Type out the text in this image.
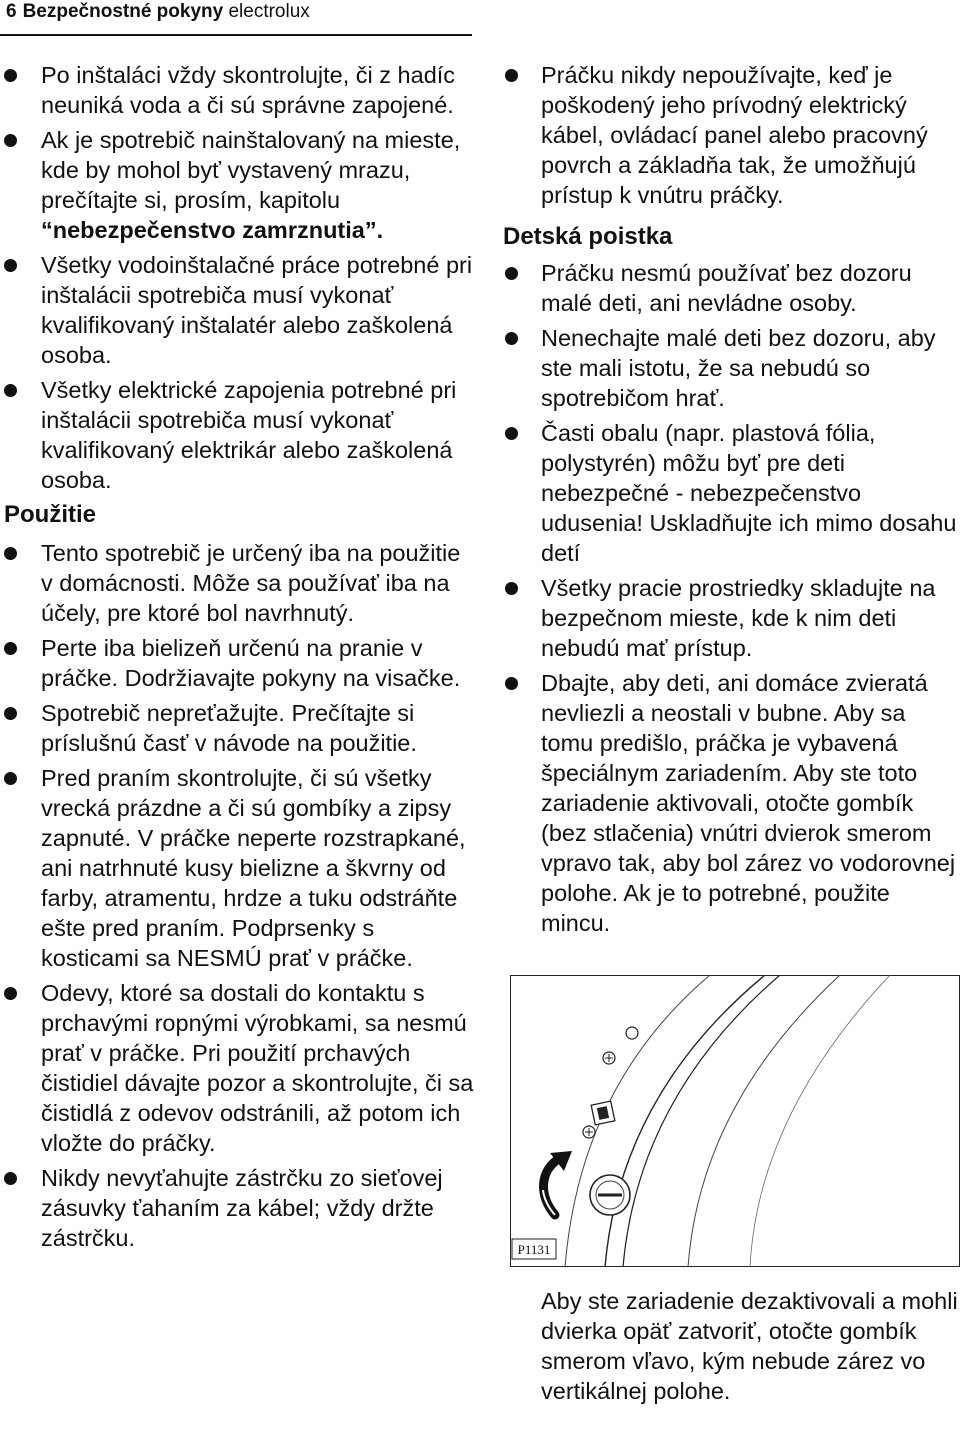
6 Bezpečnostné pokyny electrolux
Po inštaláci vždy skontrolujte, či z hadíc neuniká voda a či sú správne zapojené.
Ak je spotrebič nainštalovaný na mieste, kde by mohol byť vystavený mrazu, prečítajte si, prosím, kapitolu “nebezpečenstvo zamrznutia”.
Všetky vodoinštalačné práce potrebné pri inštalácii spotrebiča musí vykonať kvalifikovaný inštalatér alebo zaškolená osoba.
Všetky elektrické zapojenia potrebné pri inštalácii spotrebiča musí vykonať kvalifikovaný elektrikár alebo zaškolená osoba.
Použitie
Tento spotrebič je určený iba na použitie v domácnosti. Môže sa používať iba na účely, pre ktoré bol navrhnutý.
Perte iba bielizeň určenú na pranie v práčke. Dodržiavajte pokyny na visačke.
Spotrebič nepreťažujte. Prečítajte si príslušnú časť v návode na použitie.
Pred praním skontrolujte, či sú všetky vrecká prázdne a či sú gombíky a zipsy zapnuté. V práčke neperte rozstrapkané, ani natrhnuté kusy bielizne a škvrny od farby, atramentu, hrdze a tuku odstráňte ešte pred praním. Podprsenky s kosticami sa NESMÚ prať v práčke.
Odevy, ktoré sa dostali do kontaktu s prchavými ropnými výrobkami, sa nesmú prať v práčke. Pri použití prchavých čistidiel dávajte pozor a skontrolujte, či sa čistidlá z odevov odstránili, až potom ich vložte do práčky.
Nikdy nevyťahujte zástrčku zo sieťovej zásuvky ťahaním za kábel; vždy držte zástrčku.
Práčku nikdy nepoužívajte, keď je poškodený jeho prívodný elektrický kábel, ovládací panel alebo pracovný povrch a základňa tak, že umožňujú prístup k vnútru práčky.
Detská poistka
Práčku nesmú používať bez dozoru malé deti, ani nevládne osoby.
Nenechajte malé deti bez dozoru, aby ste mali istotu, že sa nebudú so spotrebičom hrať.
Časti obalu (napr. plastová fólia, polystyrén) môžu byť pre deti nebezpečné - nebezpečenstvo udusenia! Uskladňujte ich mimo dosahu detí
Všetky pracie prostriedky skladujte na bezpečnom mieste, kde k nim deti nebudú mať prístup.
Dbajte, aby deti, ani domáce zvieratá nevliezli a neostali v bubne. Aby sa tomu predišlo, práčka je vybavená špeciálnym zariadením. Aby ste toto zariadenie aktivovali, otočte gombík (bez stlačenia) vnútri dvierok smerom vpravo tak, aby bol zárez vo vodorovnej polohe. Ak je to potrebné, použite mincu.
P1131
Aby ste zariadenie dezaktivovali a mohli dvierka opäť zatvoriť, otočte gombík smerom vľavo, kým nebude zárez vo vertikálnej polohe.
